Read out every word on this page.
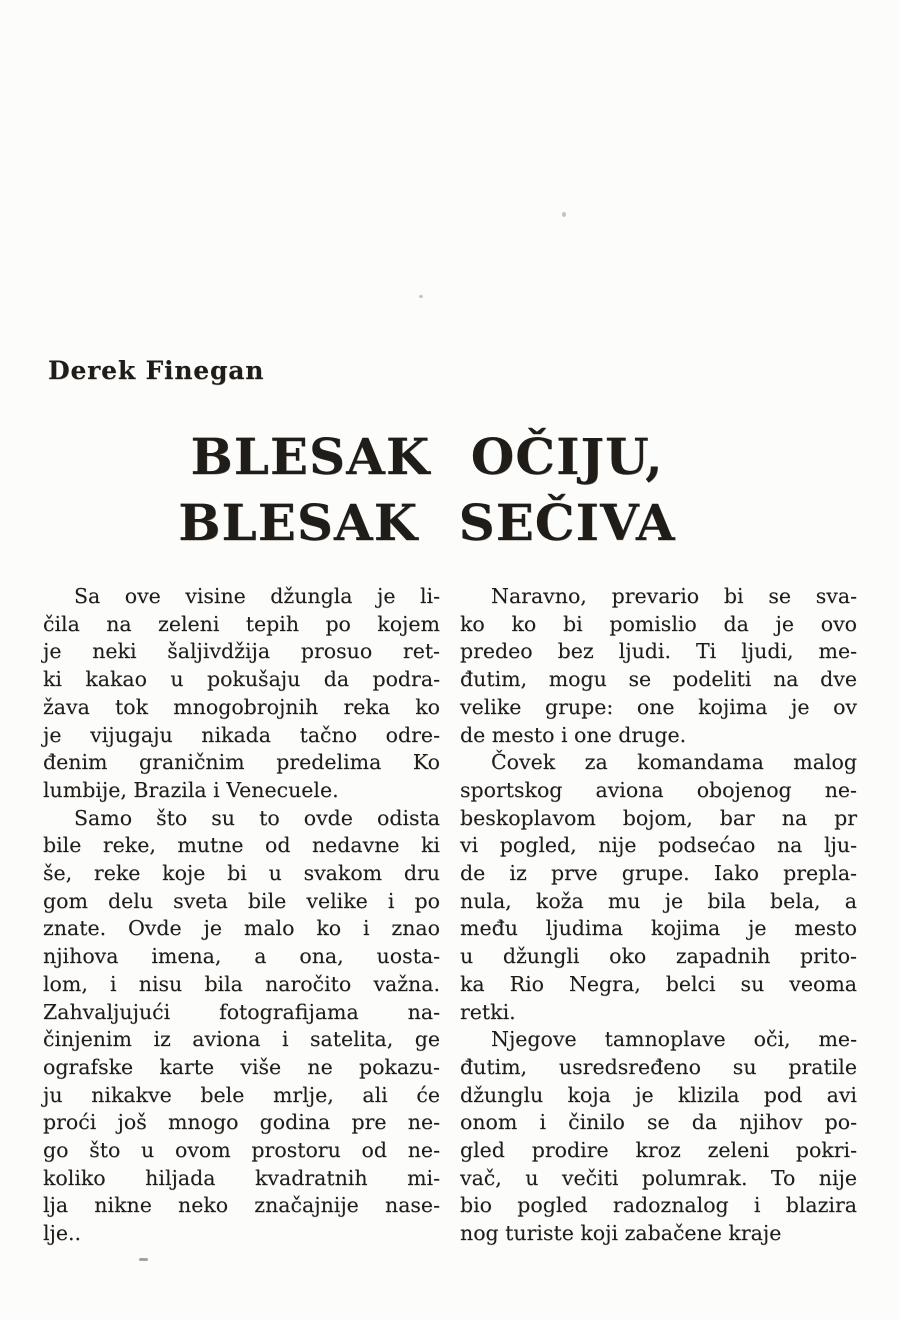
Derek Finegan
BLESAK OČIJU,
BLESAK SEČIVA
Sa ove visine džungla je li-
čila na zeleni tepih po kojem
je neki šaljivdžija prosuo ret-
ki kakao u pokušaju da podra-
žava tok mnogobrojnih reka ko
je vijugaju nikada tačno odre-
đenim graničnim predelima Ko
lumbije, Brazila i Venecuele.
Samo što su to ovde odista
bile reke, mutne od nedavne ki
še, reke koje bi u svakom dru
gom delu sveta bile velike i po
znate. Ovde je malo ko i znao
njihova imena, a ona, uosta-
lom, i nisu bila naročito važna.
Zahvaljujući fotografijama na-
činjenim iz aviona i satelita, ge
ografske karte više ne pokazu-
ju nikakve bele mrlje, ali će
proći još mnogo godina pre ne-
go što u ovom prostoru od ne-
koliko hiljada kvadratnih mi-
lja nikne neko značajnije nase-
lje..
Naravno, prevario bi se sva-
ko ko bi pomislio da je ovo
predeo bez ljudi. Ti ljudi, me-
đutim, mogu se podeliti na dve
velike grupe: one kojima je ov
de mesto i one druge.
Čovek za komandama malog
sportskog aviona obojenog ne-
beskoplavom bojom, bar na pr
vi pogled, nije podsećao na lju-
de iz prve grupe. Iako prepla-
nula, koža mu je bila bela, a
među ljudima kojima je mesto
u džungli oko zapadnih prito-
ka Rio Negra, belci su veoma
retki.
Njegove tamnoplave oči, me-
đutim, usredsređeno su pratile
džunglu koja je klizila pod avi
onom i činilo se da njihov po-
gled prodire kroz zeleni pokri-
vač, u večiti polumrak. To nije
bio pogled radoznalog i blazira
nog turiste koji zabačene kraje
